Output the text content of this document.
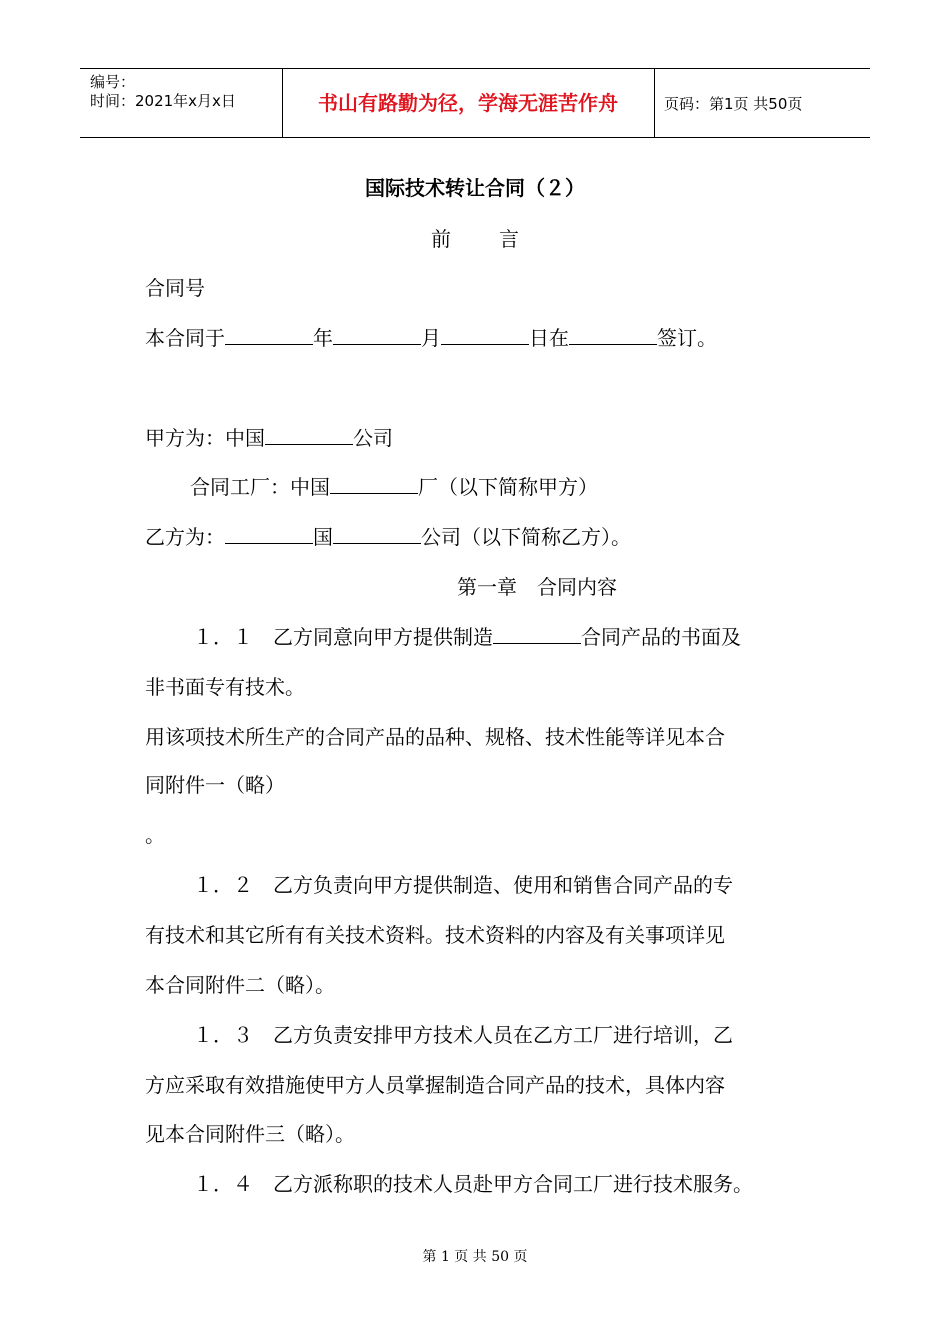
编号：
时间：2021年x月x日	书山有路勤为径，学海无涯苦作舟	页码：第1页 共50页
国际技术转让合同（２）
前 言
合同号
本合同于	年	月	日在	签订。
甲方为：中国	公司
合同工厂：中国	厂（以下简称甲方）
乙方为：	国	公司（以下简称乙方）。
第一章　合同内容
１．１　乙方同意向甲方提供制造	合同产品的书面及
非书面专有技术。
用该项技术所生产的合同产品的品种、规格、技术性能等详见本合
同附件一（略）
。
１．２　乙方负责向甲方提供制造、使用和销售合同产品的专
有技术和其它所有有关技术资料。技术资料的内容及有关事项详见
本合同附件二（略）。
１．３　乙方负责安排甲方技术人员在乙方工厂进行培训，乙
方应采取有效措施使甲方人员掌握制造合同产品的技术，具体内容
见本合同附件三（略）。
１．４　乙方派称职的技术人员赴甲方合同工厂进行技术服务。
第 1 页 共 50 页
